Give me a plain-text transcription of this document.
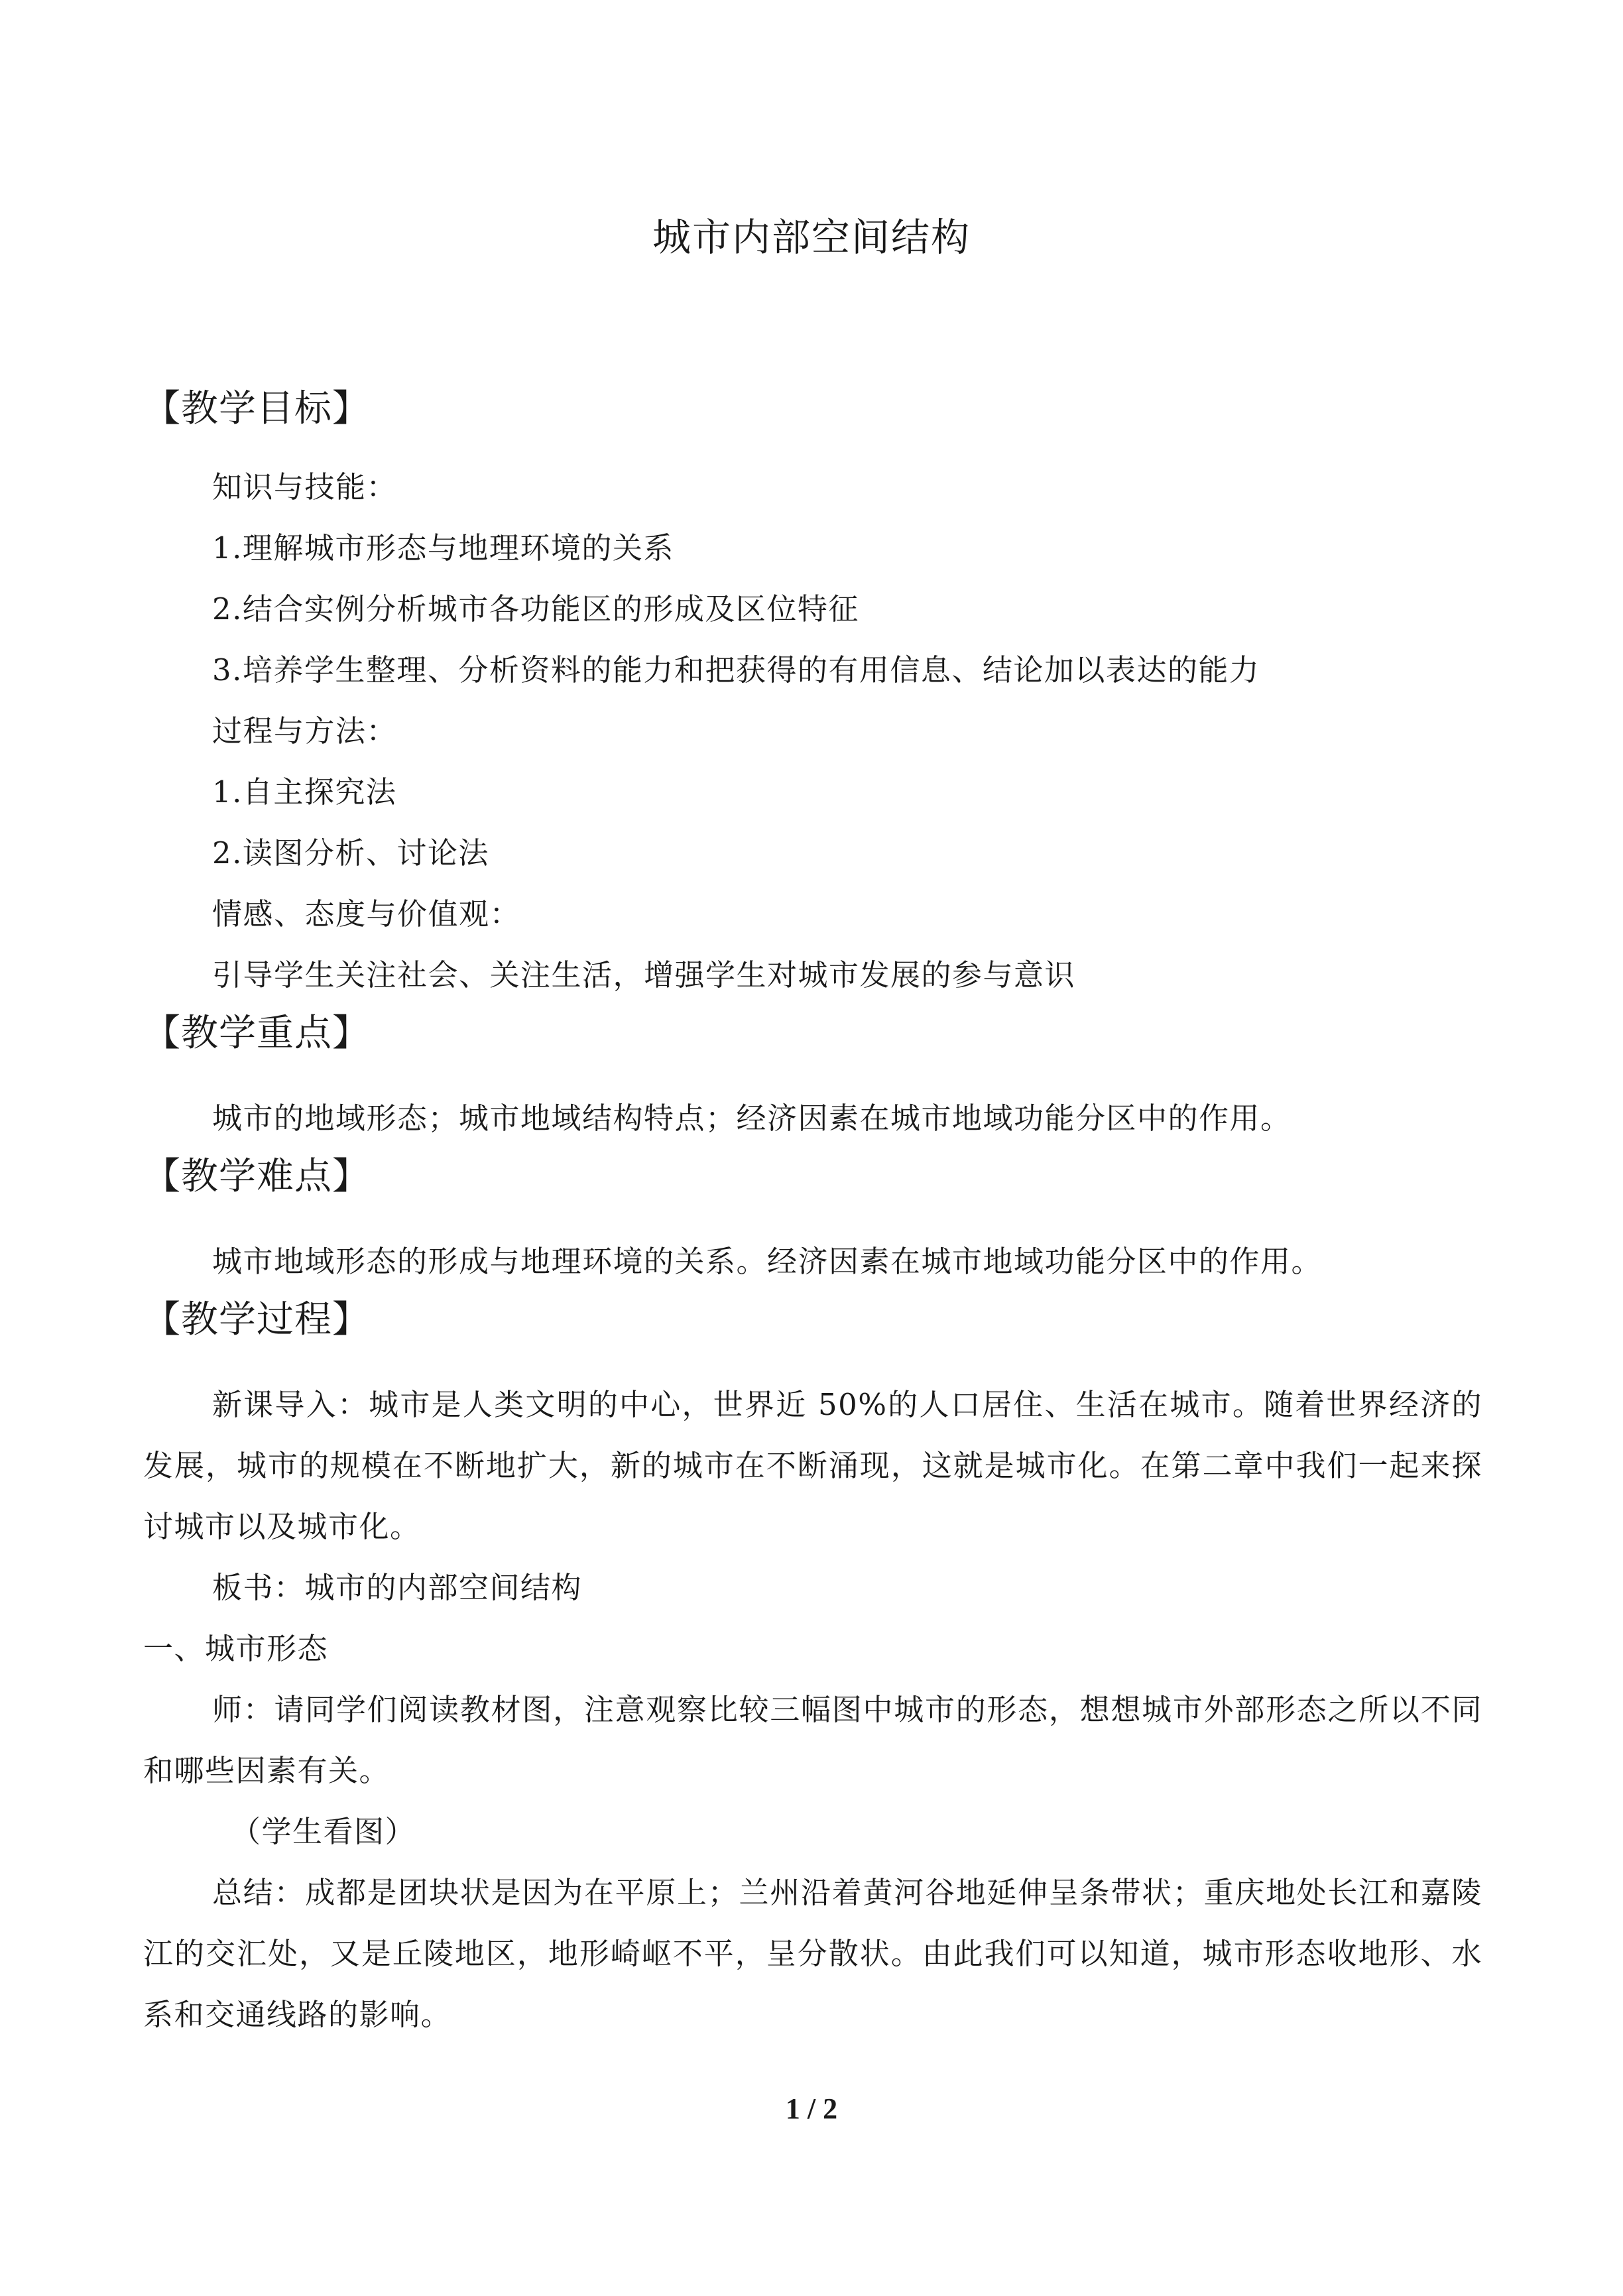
城市内部空间结构
【教学目标】

知识与技能：

1.理解城市形态与地理环境的关系

2.结合实例分析城市各功能区的形成及区位特征

3.培养学生整理、分析资料的能力和把获得的有用信息、结论加以表达的能力

过程与方法：

1.自主探究法

2.读图分析、讨论法

情感、态度与价值观：

引导学生关注社会、关注生活，增强学生对城市发展的参与意识

【教学重点】

城市的地域形态；城市地域结构特点；经济因素在城市地域功能分区中的作用。

【教学难点】

城市地域形态的形成与地理环境的关系。经济因素在城市地域功能分区中的作用。

【教学过程】

新课导入：城市是人类文明的中心，世界近 50%的人口居住、生活在城市。随着世界经济的发展，城市的规模在不断地扩大，新的城市在不断涌现，这就是城市化。在第二章中我们一起来探讨城市以及城市化。

板书：城市的内部空间结构

一、城市形态

师：请同学们阅读教材图，注意观察比较三幅图中城市的形态，想想城市外部形态之所以不同和哪些因素有关。

（学生看图）

总结：成都是团块状是因为在平原上；兰州沿着黄河谷地延伸呈条带状；重庆地处长江和嘉陵江的交汇处，又是丘陵地区，地形崎岖不平，呈分散状。由此我们可以知道，城市形态收地形、水系和交通线路的影响。

1 / 2
